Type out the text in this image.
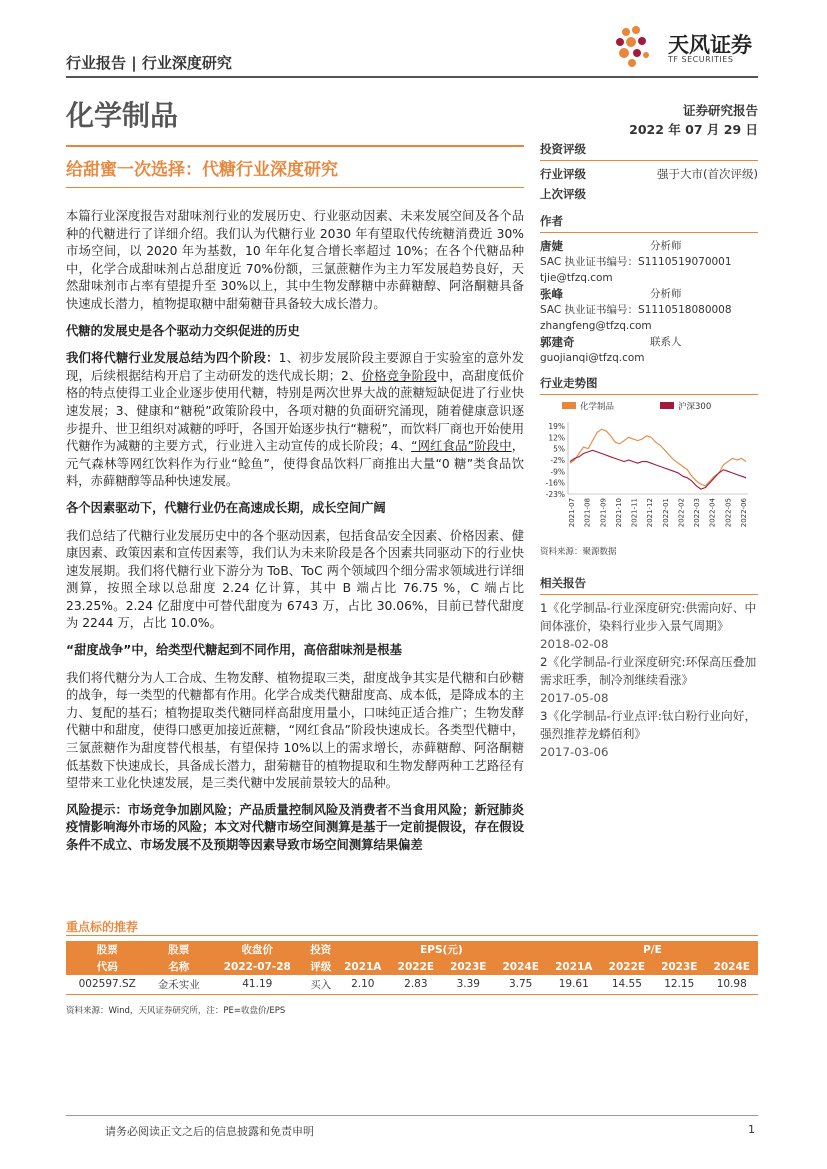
行业报告 | 行业深度研究
化学制品
天风证券
TF SECURITIES
证券研究报告
2022 年 07 月 29 日
给甜蜜一次选择：代糖行业深度研究

本篇行业深度报告对甜味剂行业的发展历史、行业驱动因素、未来发展空间及各个品种的代糖进行了详细介绍。我们认为代糖行业 2030 年有望取代传统糖消费近 30%市场空间，以 2020 年为基数，10 年年化复合增长率超过 10%；在各个代糖品种中，化学合成甜味剂占总甜度近 70%份额，三氯蔗糖作为主力军发展趋势良好，天然甜味剂市占率有望提升至 30%以上，其中生物发酵糖中赤藓糖醇、阿洛酮糖具备快速成长潜力，植物提取糖中甜菊糖苷具备较大成长潜力。

代糖的发展史是各个驱动力交织促进的历史

我们将代糖行业发展总结为四个阶段：1、初步发展阶段主要源自于实验室的意外发现，后续根据结构开启了主动研发的迭代成长期；2、价格竞争阶段中，高甜度低价格的特点使得工业企业逐步使用代糖，特别是两次世界大战的蔗糖短缺促进了行业快速发展；3、健康和“糖税”政策阶段中，各项对糖的负面研究涌现，随着健康意识逐步提升、世卫组织对减糖的呼吁，各国开始逐步执行“糖税”，而饮料厂商也开始使用代糖作为减糖的主要方式，行业进入主动宣传的成长阶段；4、“网红食品”阶段中，元气森林等网红饮料作为行业“鲶鱼”，使得食品饮料厂商推出大量“0 糖”类食品饮料，赤藓糖醇等品种快速发展。

各个因素驱动下，代糖行业仍在高速成长期，成长空间广阔

我们总结了代糖行业发展历史中的各个驱动因素，包括食品安全因素、价格因素、健康因素、政策因素和宣传因素等，我们认为未来阶段是各个因素共同驱动下的行业快速发展期。我们将代糖行业下游分为 ToB、ToC 两个领域四个细分需求领域进行详细测算，按照全球以总甜度 2.24 亿计算，其中 B 端占比 76.75 %，C 端占比 23.25%。2.24 亿甜度中可替代甜度为 6743 万，占比 30.06%，目前已替代甜度为 2244 万，占比 10.0%。

“甜度战争”中，给类型代糖起到不同作用，高倍甜味剂是根基

我们将代糖分为人工合成、生物发酵、植物提取三类，甜度战争其实是代糖和白砂糖的战争，每一类型的代糖都有作用。化学合成类代糖甜度高、成本低，是降成本的主力、复配的基石；植物提取类代糖同样高甜度用量小，口味纯正适合推广；生物发酵代糖中和甜度，使得口感更加接近蔗糖，“网红食品”阶段快速成长。各类型代糖中，三氯蔗糖作为甜度替代根基，有望保持 10%以上的需求增长，赤藓糖醇、阿洛酮糖低基数下快速成长，具备成长潜力，甜菊糖苷的植物提取和生物发酵两种工艺路径有望带来工业化快速发展，是三类代糖中发展前景较大的品种。

风险提示：市场竞争加剧风险；产品质量控制风险及消费者不当食用风险；新冠肺炎疫情影响海外市场的风险；本文对代糖市场空间测算是基于一定前提假设，存在假设条件不成立、市场发展不及预期等因素导致市场空间测算结果偏差

投资评级
行业评级	强于大市(首次评级)
上次评级
作者
唐婕	分析师
SAC 执业证书编号：S1110519070001
tjie@tfzq.com
张峰	分析师
SAC 执业证书编号：S1110518080008
zhangfeng@tfzq.com
郭建奇	联系人
guojianqi@tfzq.com
行业走势图
化学制品	沪深300
19%
12%
5%
-2%
-9%
-16%
-23%
2021-07 2021-08 2021-09 2021-10 2021-11 2021-12 2022-01 2022-02 2022-03 2022-04 2022-05 2022-06
资料来源：聚源数据
相关报告
1《化学制品-行业深度研究:供需向好、中间体涨价，染料行业步入景气周期》
2018-02-08
2《化学制品-行业深度研究:环保高压叠加需求旺季，制冷剂继续看涨》
2017-05-08
3《化学制品-行业点评:钛白粉行业向好，强烈推荐龙蟒佰利》
2017-03-06
重点标的推荐
股票	股票	收盘价	投资	EPS(元)				P/E			
代码	名称	2022-07-28	评级	2021A	2022E	2023E	2024E	2021A	2022E	2023E	2024E
002597.SZ	金禾实业	41.19	买入	2.10	2.83	3.39	3.75	19.61	14.55	12.15	10.98
资料来源：Wind，天风证券研究所，注：PE=收盘价/EPS
请务必阅读正文之后的信息披露和免责申明	1
